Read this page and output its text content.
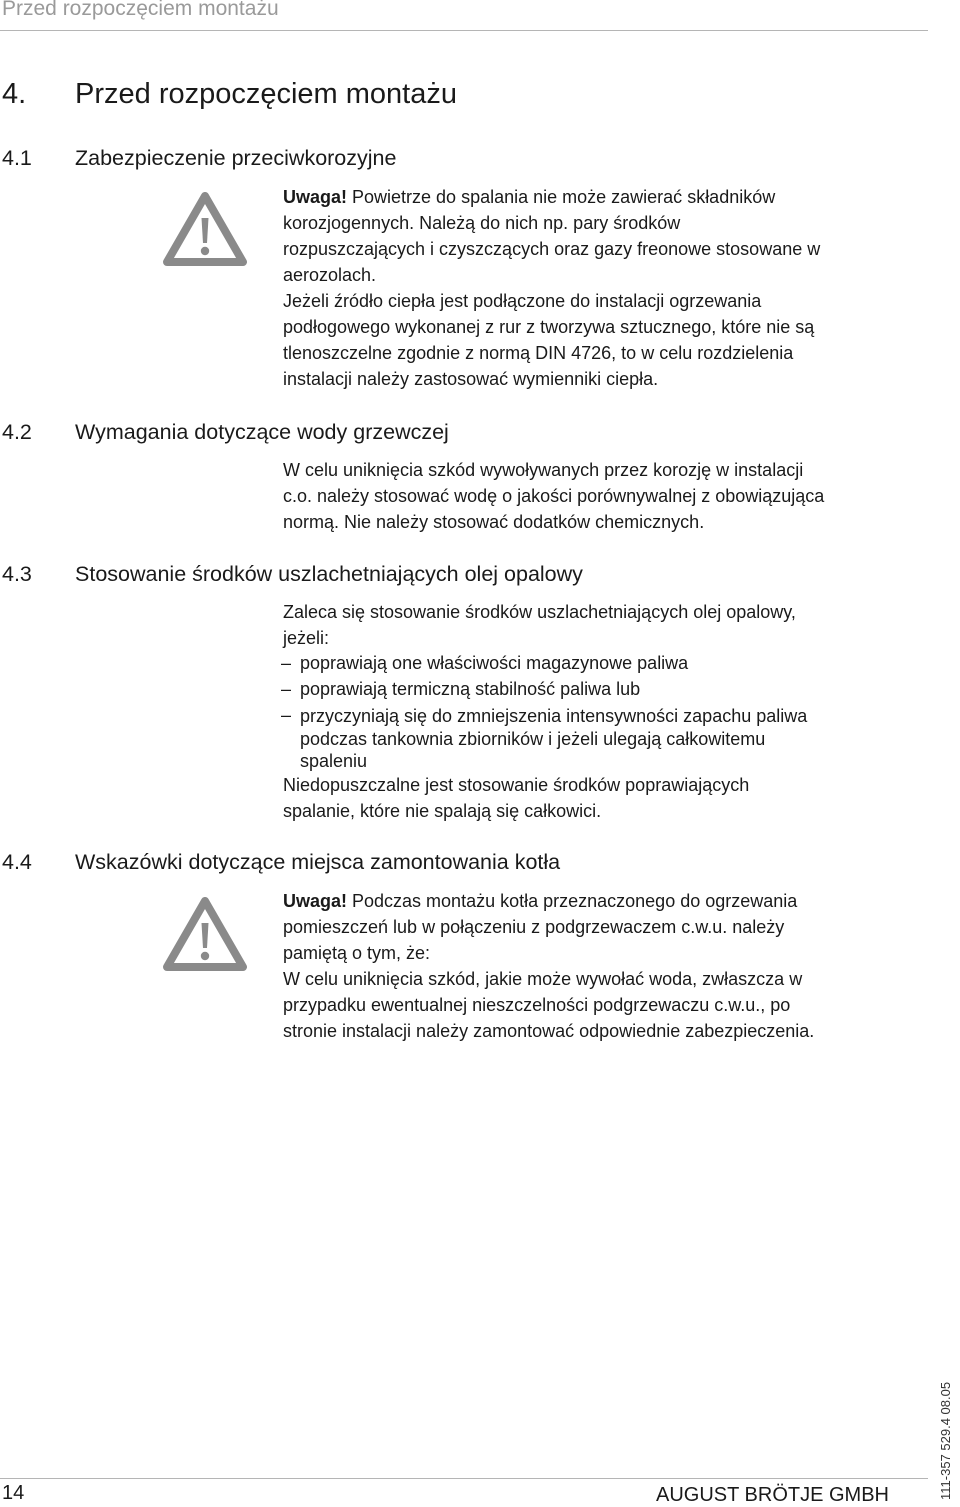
Przed rozpoczęciem montażu
4. Przed rozpoczęciem montażu
4.1 Zabezpieczenie przeciwkorozyjne

Uwaga! Powietrze do spalania nie może zawierać składników

korozjogennych. Należą do nich np. pary środków

rozpuszczających i czyszczących oraz gazy freonowe stosowane w

aerozolach.

Jeżeli źródło ciepła jest podłączone do instalacji ogrzewania

podłogowego wykonanej z rur z tworzywa sztucznego, które nie są

tlenoszczelne zgodnie z normą DIN 4726, to w celu rozdzielenia

instalacji należy zastosować wymienniki ciepła.

4.2 Wymagania dotyczące wody grzewczej

W celu uniknięcia szkód wywoływanych przez korozję w instalacji

c.o. należy stosować wodę o jakości porównywalnej z obowiązująca

normą. Nie należy stosować dodatków chemicznych.

4.3 Stosowanie środków uszlachetniających olej opalowy

Zaleca się stosowanie środków uszlachetniających olej opalowy,

jeżeli:

– poprawiają one właściwości magazynowe paliwa
– poprawiają termiczną stabilność paliwa lub
– przyczyniają się do zmniejszenia intensywności zapachu paliwa
podczas tankownia zbiorników i jeżeli ulegają całkowitemu
spaleniu

Niedopuszczalne jest stosowanie środków poprawiających

spalanie, które nie spalają się całkowici.

4.4 Wskazówki dotyczące miejsca zamontowania kotła

Uwaga! Podczas montażu kotła przeznaczonego do ogrzewania

pomieszczeń lub w połączeniu z podgrzewaczem c.w.u. należy

pamiętą o tym, że:

W celu uniknięcia szkód, jakie może wywołać woda, zwłaszcza w

przypadku ewentualnej nieszczelności podgrzewaczu c.w.u., po

stronie instalacji należy zamontować odpowiednie zabezpieczenia.

111-357 529.4 08.05
14	AUGUST BRÖTJE GMBH
